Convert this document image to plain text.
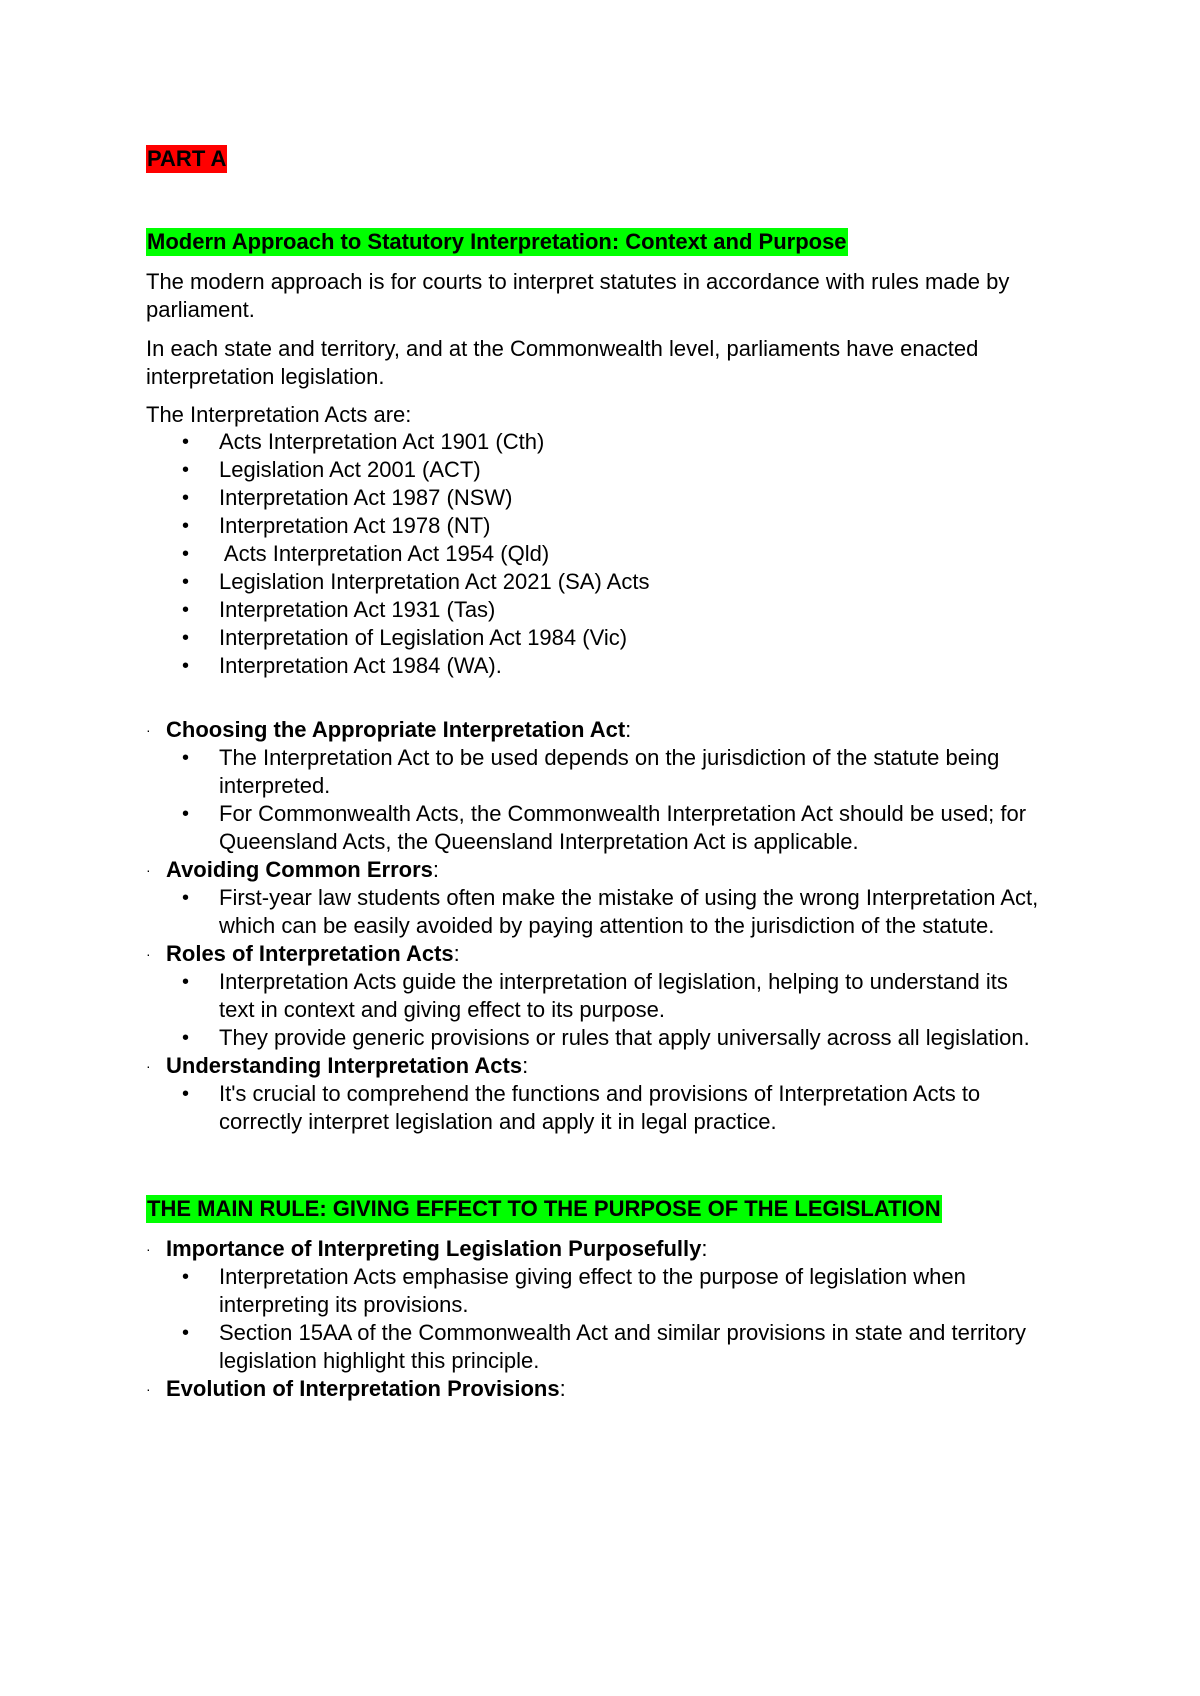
PART A
Modern Approach to Statutory Interpretation: Context and Purpose

The modern approach is for courts to interpret statutes in accordance with rules made by parliament.

In each state and territory, and at the Commonwealth level, parliaments have enacted interpretation legislation.

The Interpretation Acts are:

• Acts Interpretation Act 1901 (Cth)
• Legislation Act 2001 (ACT)
• Interpretation Act 1987 (NSW)
• Interpretation Act 1978 (NT)
• Acts Interpretation Act 1954 (Qld)
• Legislation Interpretation Act 2021 (SA) Acts
• Interpretation Act 1931 (Tas)
• Interpretation of Legislation Act 1984 (Vic)
• Interpretation Act 1984 (WA).
· Choosing the Appropriate Interpretation Act:
• The Interpretation Act to be used depends on the jurisdiction of the statute being interpreted.
• For Commonwealth Acts, the Commonwealth Interpretation Act should be used; for Queensland Acts, the Queensland Interpretation Act is applicable.
· Avoiding Common Errors:
• First-year law students often make the mistake of using the wrong Interpretation Act, which can be easily avoided by paying attention to the jurisdiction of the statute.
· Roles of Interpretation Acts:
• Interpretation Acts guide the interpretation of legislation, helping to understand its text in context and giving effect to its purpose.
• They provide generic provisions or rules that apply universally across all legislation.
· Understanding Interpretation Acts:
• It's crucial to comprehend the functions and provisions of Interpretation Acts to correctly interpret legislation and apply it in legal practice.
THE MAIN RULE: GIVING EFFECT TO THE PURPOSE OF THE LEGISLATION
· Importance of Interpreting Legislation Purposefully:
• Interpretation Acts emphasise giving effect to the purpose of legislation when interpreting its provisions.
• Section 15AA of the Commonwealth Act and similar provisions in state and territory legislation highlight this principle.
· Evolution of Interpretation Provisions:
